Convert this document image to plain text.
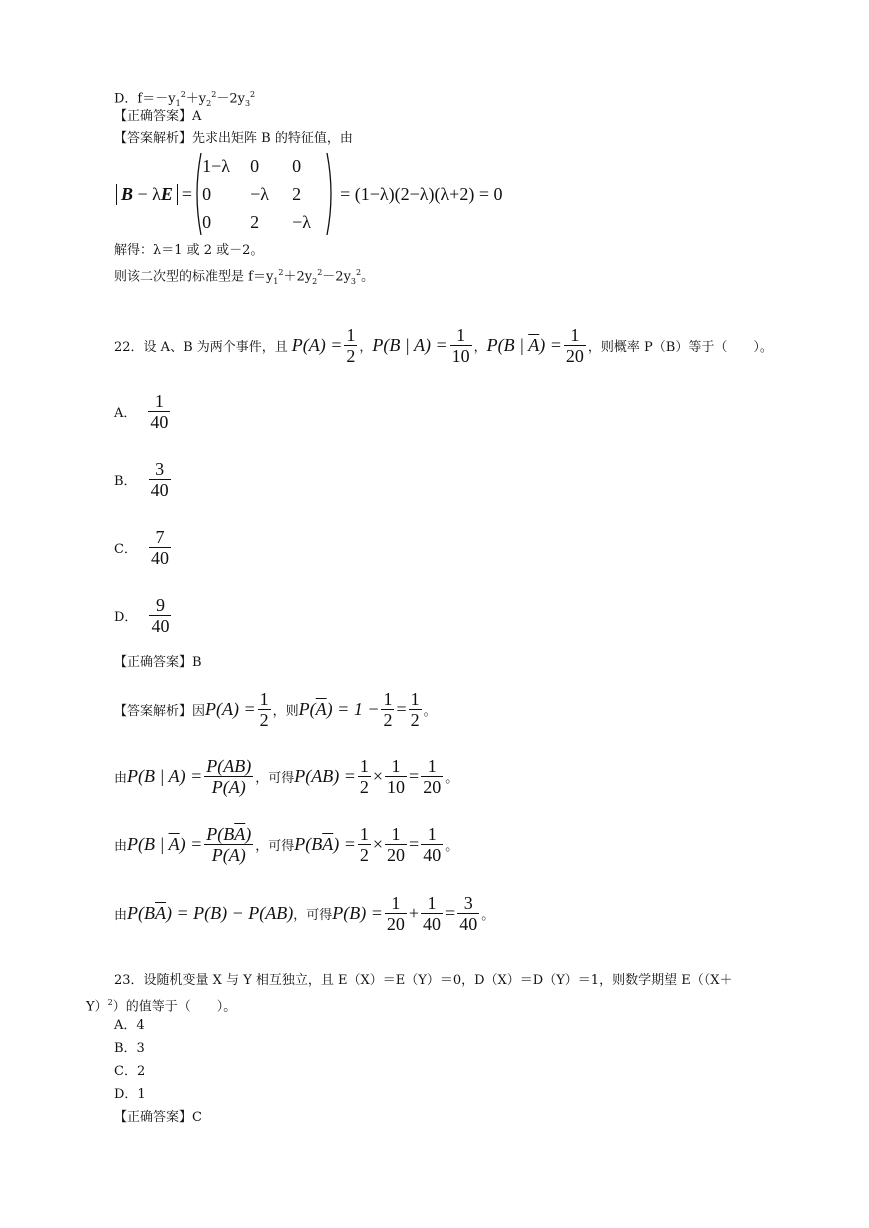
D．$f=-y_1^2+y_2^2-2y_3^2$
【正确答案】A
【答案解析】先求出矩阵 B 的特征值，由
B − λE =
1−λ	0	0
0	−λ	2
0	2	−λ
= (1−λ)(2−λ)(λ+2) = 0
解得：λ＝1 或 2 或－2。
则该二次型的标准型是 $f=y_1^2+2y_2^2-2y_3^2$。
22．设 A、B 为两个事件，且 $P(A) = \frac{1}{2}$ ， P(B | $A) = \frac{1}{10}$ ， P(B | $\overline{A}) = \frac{1}{20}$ ，则概率 P（B）等于（　　）。
A． $\frac{1}{40}$
B． $\frac{3}{40}$
C． $\frac{7}{40}$
D． $\frac{9}{40}$
【正确答案】B
【答案解析】 因 $P(A) = \frac{1}{2}$ ，则 $P(\overline{A}) = 1 - \frac{1}{2} = \frac{1}{2}$ 。
由 P(B | $A) = \frac{P(AB)}{P(A)}$ ，可得 $P(AB) = \frac{1}{2} \times \frac{1}{10} = \frac{1}{20}$ 。
由 P(B | $\overline{A}) = \frac{P(B\overline{A})}{P(\overline{A})}$ ，可得 $P(B\overline{A}) = \frac{1}{2} \times \frac{1}{20} = \frac{1}{40}$ 。
由 $P(B\overline{A}) = P(B) - P(AB)$ ，可得 $P(B) = \frac{1}{20} + \frac{1}{40} = \frac{3}{40}$ 。
23．设随机变量 X 与 Y 相互独立，且 E（X）＝E（Y）＝0，D（X）＝D（Y）＝1，则数学期望 E（（X＋
Y）$^2$）的值等于（　　）。
A．4
B．3
C．2
D．1
【正确答案】C
